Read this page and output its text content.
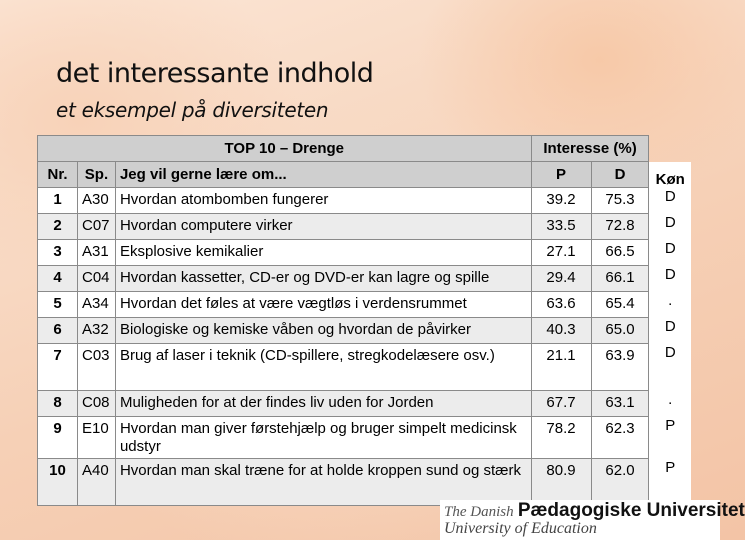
det interessante indhold
et eksempel på diversiteten
TOP 10 – Drenge			Interesse (%)		
Nr.	Sp.	Jeg vil gerne lære om...	P	D	Køn
1	A30	Hvordan atombomben fungerer	39.2	75.3	D
2	C07	Hvordan computere virker	33.5	72.8	D
3	A31	Eksplosive kemikalier	27.1	66.5	D
4	C04	Hvordan kassetter, CD-er og DVD-er kan lagre og spille	29.4	66.1	D
5	A34	Hvordan det føles at være vægtløs i verdensrummet	63.6	65.4	.
6	A32	Biologiske og kemiske våben og hvordan de påvirker	40.3	65.0	D
7	C03	Brug af laser i teknik (CD-spillere, stregkodelæsere osv.)	21.1	63.9	D
8	C08	Muligheden for at der findes liv uden for Jorden	67.7	63.1	.
9	E10	Hvordan man giver førstehjælp og bruger simpelt medicinsk udstyr	78.2	62.3	P
10	A40	Hvordan man skal træne for at holde kroppen sund og stærk	80.9	62.0	P
The Danish Pædagogiske Universitet
University of Education
